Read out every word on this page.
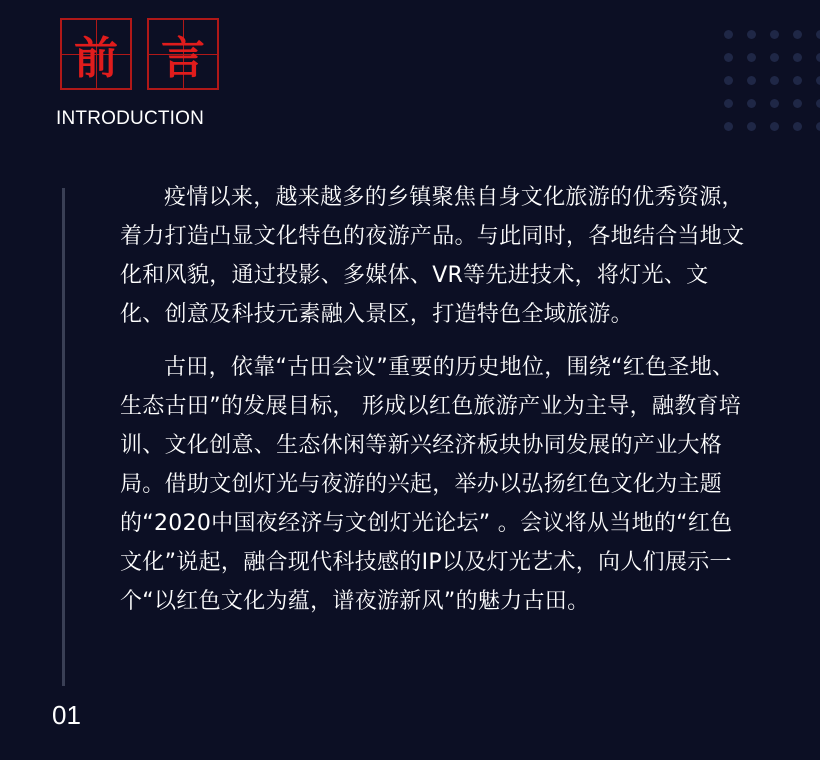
前 言
INTRODUCTION

疫情以来，越来越多的乡镇聚焦自身文化旅游的优秀资源，着力打造凸显文化特色的夜游产品。与此同时，各地结合当地文化和风貌，通过投影、多媒体、VR等先进技术，将灯光、文化、创意及科技元素融入景区，打造特色全域旅游。

古田，依靠“古田会议”重要的历史地位，围绕“红色圣地、生态古田”的发展目标， 形成以红色旅游产业为主导，融教育培训、文化创意、生态休闲等新兴经济板块协同发展的产业大格局。借助文创灯光与夜游的兴起，举办以弘扬红色文化为主题的“2020中国夜经济与文创灯光论坛” 。会议将从当地的“红色文化”说起，融合现代科技感的IP以及灯光艺术，向人们展示一个“以红色文化为蕴，谱夜游新风”的魅力古田。

01
